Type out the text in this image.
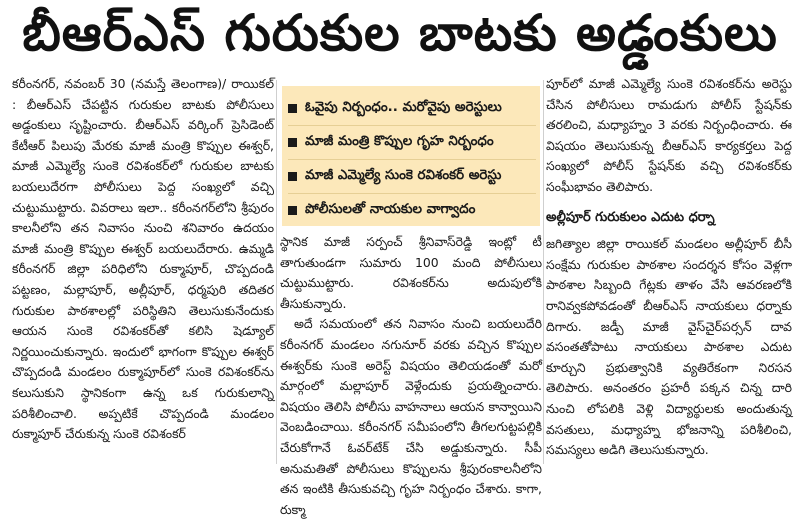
బీఆర్ఎస్ గురుకుల బాటకు అడ్డంకులు

కరీంనగర్, నవంబర్ 30 (నమస్తే తెలంగాణ)/ రాయికల్ : బీఆర్ఎస్ చేపట్టిన గురుకుల బాటకు పోలీసులు అడ్డంకులు సృష్టించారు. బీఆర్ఎస్ వర్కింగ్ ప్రెసిడెంట్ కేటీఆర్ పిలుపు మేరకు మాజీ మంత్రి కొప్పుల ఈశ్వర్, మాజీ ఎమ్మెల్యే సుంకె రవిశంకర్‌లో గురుకుల బాటకు బయలుదేరగా పోలీసులు పెద్ద సంఖ్యలో వచ్చి చుట్టుముట్టారు. వివరాలు ఇలా.. కరీంనగర్‌లోని శ్రీపురం కాలనీలోని తన నివాసం నుంచి శనివారం ఉదయం మాజీ మంత్రి కొప్పుల ఈశ్వర్ బయలుదేరారు. ఉమ్మడి కరీంనగర్ జిల్లా పరిధిలోని రుక్మాపూర్, చొప్పదండి పట్టణం, మల్లాపూర్, అల్లీపూర్, ధర్మపురి తదితర గురుకుల పాఠశాలల్లో పరిస్థితిని తెలుసుకునేందుకు ఆయన సుంకె రవిశంకర్‌తో కలిసి షెడ్యూల్ నిర్ణయించుకున్నారు. ఇందులో భాగంగా కొప్పుల ఈశ్వర్ చొప్పదండి మండలం రుక్మాపూర్‌లో సుంకె రవిశంకర్‌ను కలుసుకుని స్థానికంగా ఉన్న ఒక గురుకులాన్ని పరిశీలించాలి. అప్పటికే చొప్పదండి మండలం రుక్మాపూర్ చేరుకున్న సుంకె రవిశంకర్

ఓవైపు నిర్బంధం.. మరోవైపు అరెస్టులు
మాజీ మంత్రి కొప్పుల గృహ నిర్బంధం
మాజీ ఎమ్మెల్యే సుంకె రవిశంకర్ అరెస్టు
పోలీసులతో నాయకుల వాగ్వాదం

స్థానిక మాజీ సర్పంచ్ శ్రీనివాస్‌రెడ్డి ఇంట్లో టీ తాగుతుండగా సుమారు 100 మంది పోలీసులు చుట్టుముట్టారు. రవిశంకర్‌ను అదుపులోకి తీసుకున్నారు.

అదే సమయంలో తన నివాసం నుంచి బయలుదేరి కరీంనగర్ మండలం నగునూర్ వరకు వచ్చిన కొప్పుల ఈశ్వర్‌కు సుంకె అరెస్ట్ విషయం తెలియడంతో మరో మార్గంలో మల్లాపూర్ వెళ్లేందుకు ప్రయత్నించారు. విషయం తెలిసి పోలీసు వాహనాలు ఆయన కాన్వాయిని వెంబడించాయి. కరీంనగర్ సమీపంలోని తీగలగుట్టపల్లికి చేరుకోగానే ఓవర్‌టేక్ చేసి అడ్డుకున్నారు. సీపీ అనుమతితో పోలీసులు కొప్పులను శ్రీపురంకాలనీలోని తన ఇంటికి తీసుకువచ్చి గృహ నిర్బంధం చేశారు. కాగా, రుక్మా

పూర్‌లో మాజీ ఎమ్మెల్యే సుంకె రవిశంకర్‌ను అరెస్టు చేసిన పోలీసులు రామడుగు పోలీస్ స్టేషన్‌కు తరలించి, మధ్యాహ్నం 3 వరకు నిర్బంధించారు. ఈ విషయం తెలుసుకున్న బీఆర్ఎస్ కార్యకర్తలు పెద్ద సంఖ్యలో పోలీస్ స్టేషన్‌కు వచ్చి రవిశంకర్‌కు సంఘీభావం తెలిపారు.

అల్లీపూర్ గురుకులం ఎదుట ధర్నా

జగిత్యాల జిల్లా రాయికల్ మండలం అల్లీపూర్ బీసీ సంక్షేమ గురుకుల పాఠశాల సందర్శన కోసం వెళ్లగా పాఠశాల సిబ్బంది గేట్లకు తాళం వేసి ఆవరణలోకి రానివ్వకపోవడంతో బీఆర్ఎస్ నాయకులు ధర్నాకు దిగారు. జడ్పీ మాజీ వైస్‌చైర్‌పర్సన్ దావ వసంతతోపాటు నాయకులు పాఠశాల ఎదుట కూర్చుని ప్రభుత్వానికి వ్యతిరేకంగా నిరసన తెలిపారు. అనంతరం ప్రహరీ పక్కన చిన్న దారి నుంచి లోపలికి వెళ్లి విద్యార్థులకు అందుతున్న వసతులు, మధ్యాహ్న భోజనాన్ని పరిశీలించి, సమస్యలు అడిగి తెలుసుకున్నారు.
